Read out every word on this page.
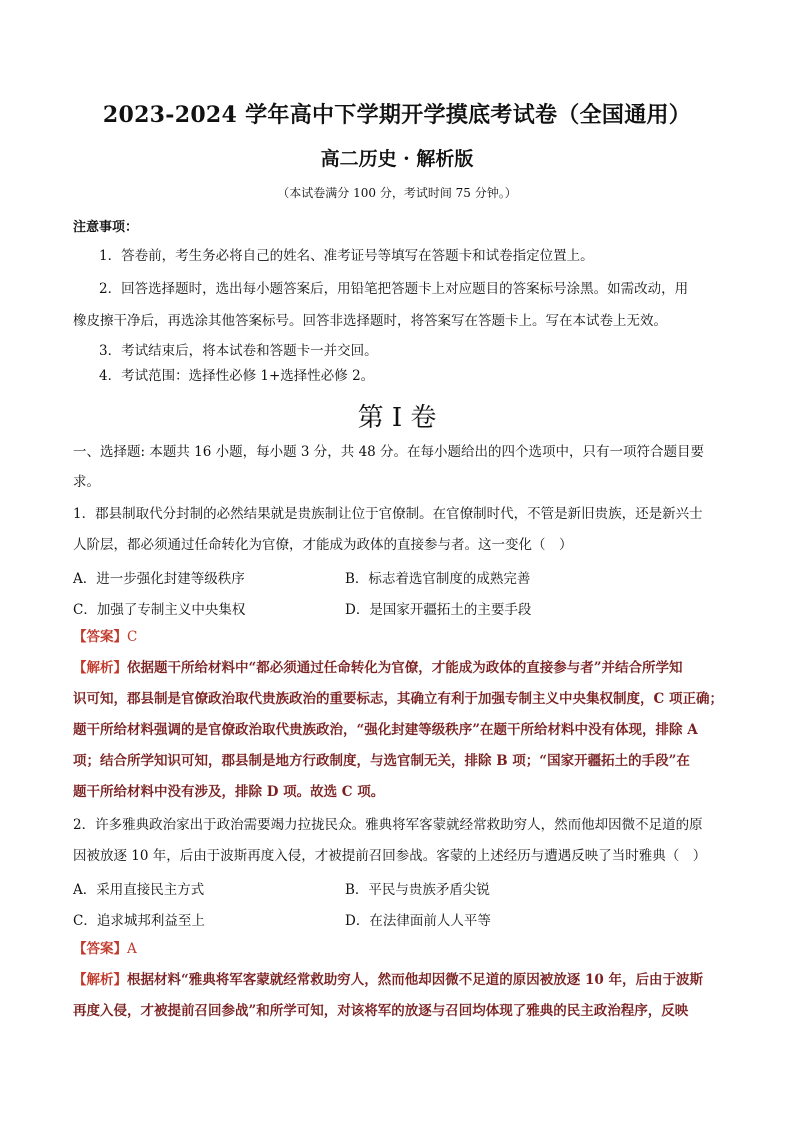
2023-2024 学年高中下学期开学摸底考试卷（全国通用）
高二历史 · 解析版
（本试卷满分 100 分，考试时间 75 分钟。）
注意事项：
1．答卷前，考生务必将自己的姓名、准考证号等填写在答题卡和试卷指定位置上。
2．回答选择题时，选出每小题答案后，用铅笔把答题卡上对应题目的答案标号涂黑。如需改动，用
橡皮擦干净后，再选涂其他答案标号。回答非选择题时，将答案写在答题卡上。写在本试卷上无效。
3．考试结束后，将本试卷和答题卡一并交回。
4．考试范围：选择性必修 1+选择性必修 2。
第 I 卷
一、选择题: 本题共 16 小题，每小题 3 分，共 48 分。在每小题给出的四个选项中，只有一项符合题目要
求。
1．郡县制取代分封制的必然结果就是贵族制让位于官僚制。在官僚制时代，不管是新旧贵族，还是新兴士
人阶层，都必须通过任命转化为官僚，才能成为政体的直接参与者。这一变化（　）
A．进一步强化封建等级秩序	B．标志着选官制度的成熟完善
C．加强了专制主义中央集权	D．是国家开疆拓土的主要手段
【答案】C
【解析】依据题干所给材料中“都必须通过任命转化为官僚，才能成为政体的直接参与者”并结合所学知
识可知，郡县制是官僚政治取代贵族政治的重要标志，其确立有利于加强专制主义中央集权制度，C 项正确；
题干所给材料强调的是官僚政治取代贵族政治，“强化封建等级秩序”在题干所给材料中没有体现，排除 A
项；结合所学知识可知，郡县制是地方行政制度，与选官制无关，排除 B 项；“国家开疆拓土的手段”在
题干所给材料中没有涉及，排除 D 项。故选 C 项。
2．许多雅典政治家出于政治需要竭力拉拢民众。雅典将军客蒙就经常救助穷人，然而他却因微不足道的原
因被放逐 10 年，后由于波斯再度入侵，才被提前召回参战。客蒙的上述经历与遭遇反映了当时雅典（　）
A．采用直接民主方式	B．平民与贵族矛盾尖锐
C．追求城邦利益至上	D．在法律面前人人平等
【答案】A
【解析】根据材料“雅典将军客蒙就经常救助穷人，然而他却因微不足道的原因被放逐 10 年，后由于波斯
再度入侵，才被提前召回参战”和所学可知，对该将军的放逐与召回均体现了雅典的民主政治程序，反映
